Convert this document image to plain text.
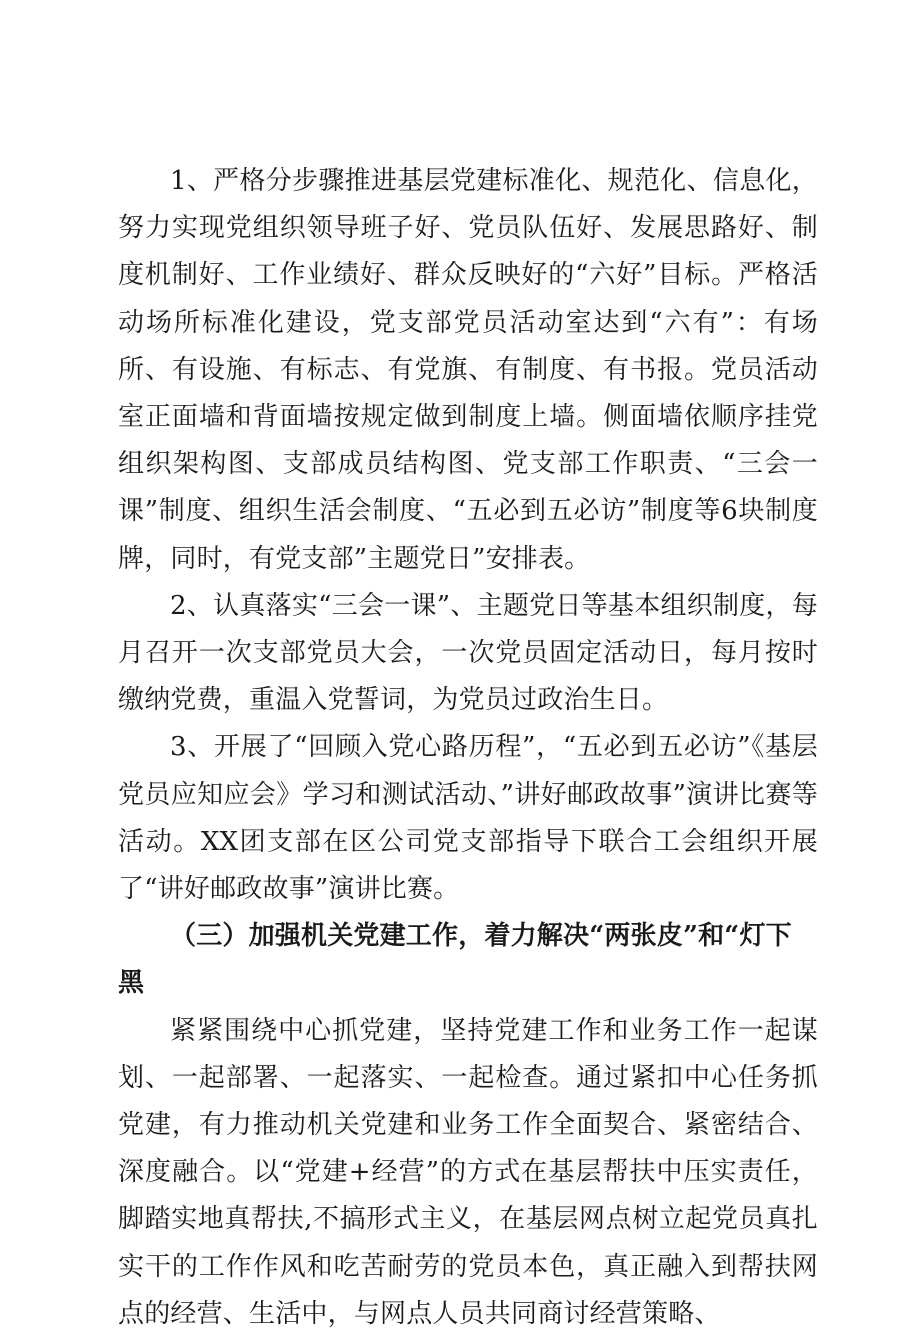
1、严格分步骤推进基层党建标准化、规范化、信息化，努力实现党组织领导班子好、党员队伍好、发展思路好、制度机制好、工作业绩好、群众反映好的“六好”目标。严格活动场所标准化建设，党支部党员活动室达到“六有”：有场所、有设施、有标志、有党旗、有制度、有书报。党员活动室正面墙和背面墙按规定做到制度上墙。侧面墙依顺序挂党组织架构图、支部成员结构图、党支部工作职责、“三会一课”制度、组织生活会制度、“五必到五必访”制度等6块制度牌，同时，有党支部”主题党日”安排表。

2、认真落实“三会一课”、主题党日等基本组织制度，每月召开一次支部党员大会，一次党员固定活动日，每月按时缴纳党费，重温入党誓词，为党员过政治生日。

3、开展了“回顾入党心路历程”，“五必到五必访”《基层党员应知应会》学习和测试活动、”讲好邮政故事”演讲比赛等活动。XX团支部在区公司党支部指导下联合工会组织开展了“讲好邮政故事”演讲比赛。

（三）加强机关党建工作，着力解决“两张皮”和“灯下黑

紧紧围绕中心抓党建，坚持党建工作和业务工作一起谋划、一起部署、一起落实、一起检查。通过紧扣中心任务抓党建，有力推动机关党建和业务工作全面契合、紧密结合、深度融合。以“党建+经营”的方式在基层帮扶中压实责任，脚踏实地真帮扶,不搞形式主义，在基层网点树立起党员真扎实干的工作作风和吃苦耐劳的党员本色，真正融入到帮扶网点的经营、生活中，与网点人员共同商讨经营策略、
